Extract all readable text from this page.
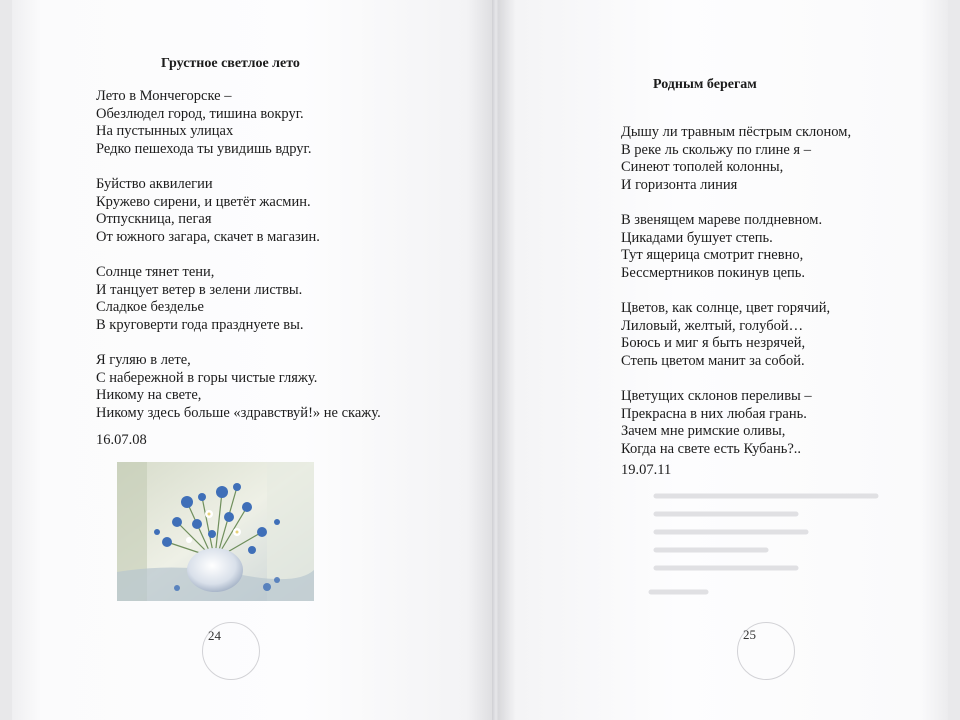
Грустное светлое лето
Лето в Мончегорске –
Обезлюдел город, тишина вокруг.
На пустынных улицах
Редко пешехода ты увидишь вдруг.
Буйство аквилегии
Кружево сирени, и цветёт жасмин.
Отпускница, пегая
От южного загара, скачет в магазин.
Солнце тянет тени,
И танцует ветер в зелени листвы.
Сладкое безделье
В круговерти года празднуете вы.
Я гуляю в лете,
С набережной в горы чистые гляжу.
Никому на свете,
Никому здесь больше «здравствуй!» не скажу.
16.07.08
24
Родным берегам
Дышу ли травным пёстрым склоном,
В реке ль скольжу по глине я –
Синеют тополей колонны,
И горизонта линия
В звенящем мареве полдневном.
Цикадами бушует степь.
Тут ящерица смотрит гневно,
Бессмертников покинув цепь.
Цветов, как солнце, цвет горячий,
Лиловый, желтый, голубой…
Боюсь и миг я быть незрячей,
Степь цветом манит за собой.
Цветущих склонов переливы –
Прекрасна в них любая грань.
Зачем мне римские оливы,
Когда на свете есть Кубань?..
19.07.11
25
